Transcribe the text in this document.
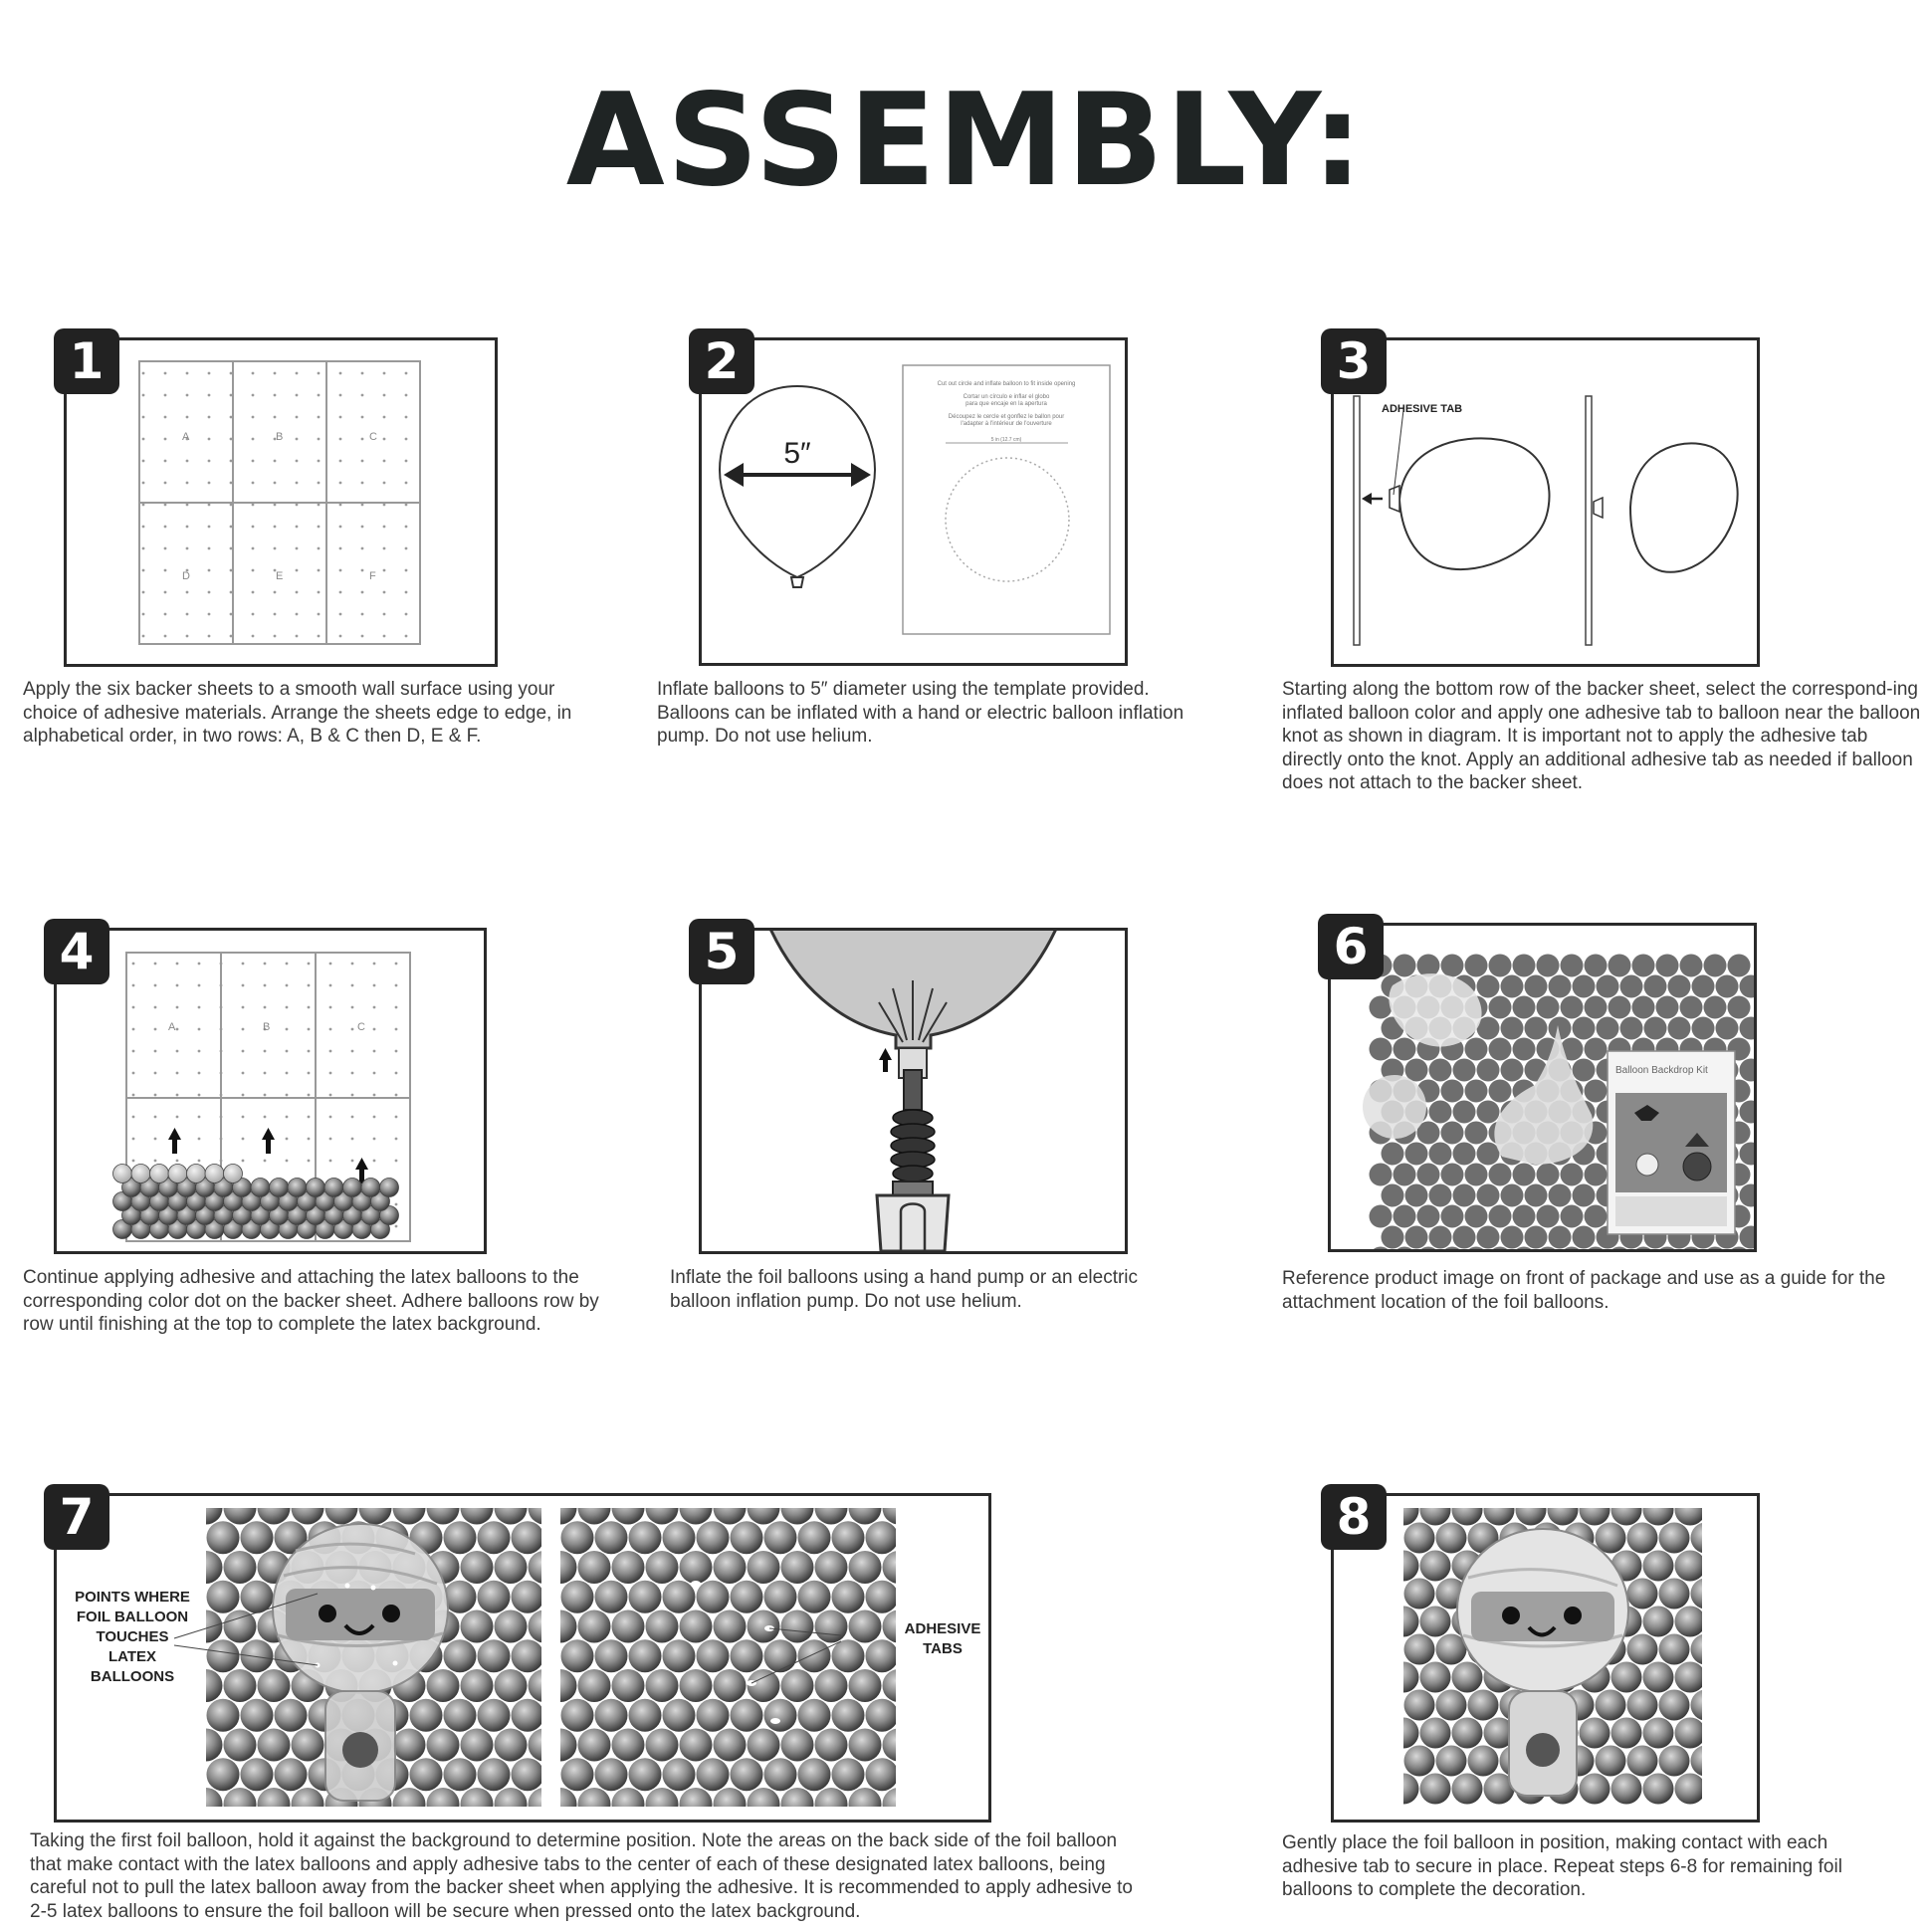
ASSEMBLY:
1
A	B	C
D	E	F

Apply the six backer sheets to a smooth wall surface using your choice of adhesive materials. Arrange the sheets edge to edge, in alphabetical order, in two rows: A, B & C then D, E & F.

2
5″
Cut out circle and inflate balloon to fit inside opening
Cortar un círculo e inflar el globo
para que encaje en la apertura
Découpez le cercle et gonflez le ballon pour
l'adapter à l'intérieur de l'ouverture
5 in (12.7 cm)

Inflate balloons to 5″ diameter using the template provided. Balloons can be inflated with a hand or electric balloon inflation pump. Do not use helium.

3
ADHESIVE TAB

Starting along the bottom row of the backer sheet, select the correspond-ing inflated balloon color and apply one adhesive tab to balloon near the balloon knot as shown in diagram. It is important not to apply the adhesive tab directly onto the knot. Apply an additional adhesive tab as needed if balloon does not attach to the backer sheet.

4
A	B	C

Continue applying adhesive and attaching the latex balloons to the corresponding color dot on the backer sheet. Adhere balloons row by row until finishing at the top to complete the latex background.

5

Inflate the foil balloons using a hand pump or an electric balloon inflation pump. Do not use helium.

6
Balloon Backdrop Kit

Reference product image on front of package and use as a guide for the attachment location of the foil balloons.

7
POINTS WHERE FOIL BALLOON TOUCHES LATEX BALLOONS
ADHESIVE TABS

Taking the first foil balloon, hold it against the background to determine position. Note the areas on the back side of the foil balloon that make contact with the latex balloons and apply adhesive tabs to the center of each of these designated latex balloons, being careful not to pull the latex balloon away from the backer sheet when applying the adhesive. It is recommended to apply adhesive to 2-5 latex balloons to ensure the foil balloon will be secure when pressed onto the latex background.

8

Gently place the foil balloon in position, making contact with each adhesive tab to secure in place. Repeat steps 6-8 for remaining foil balloons to complete the decoration.
